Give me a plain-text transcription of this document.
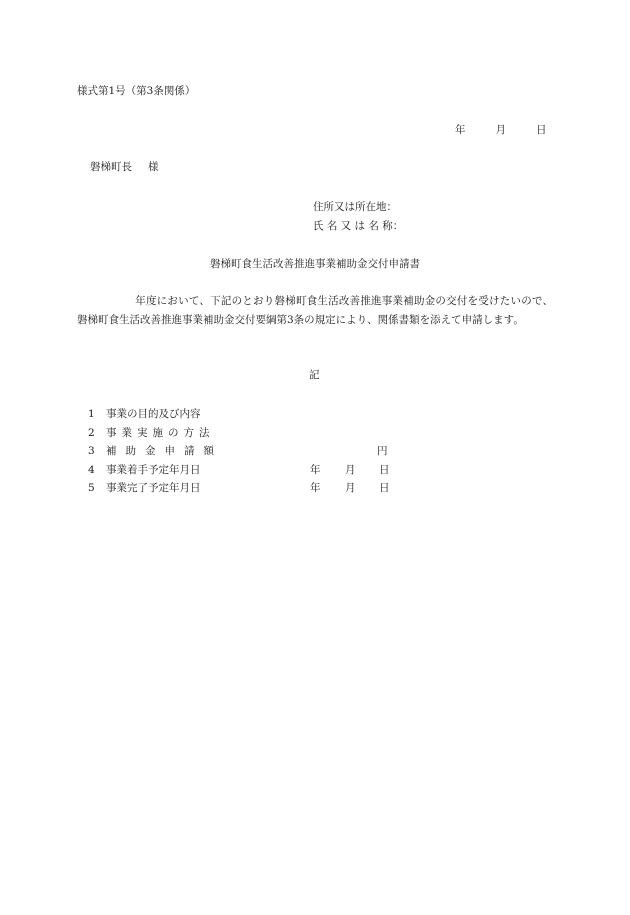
様式第1号（第3条関係）
年	月	日
磐梯町長 様
住所又は所在地：
氏 名 又 は 名 称：
磐梯町食生活改善推進事業補助金交付申請書
年度において、下記のとおり磐梯町食生活改善推進事業補助金の交付を受けたいので、磐梯町食生活改善推進事業補助金交付要綱第3条の規定により、関係書類を添えて申請します。
記
1 事業の目的及び内容
2 事業実施の方法
3 補助金申請額	円
4 事業着手予定年月日	年 月 日
5 事業完了予定年月日	年 月 日
